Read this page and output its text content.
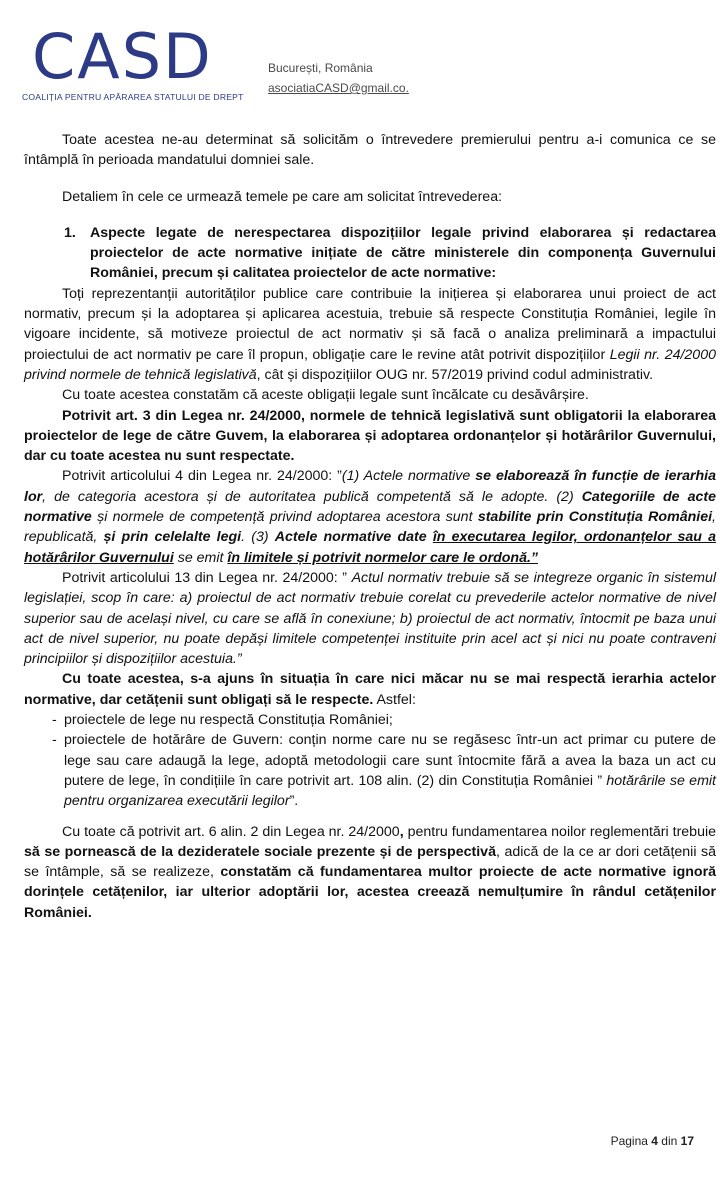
CASD
COALIȚIA PENTRU APĂRAREA STATULUI DE DREPT
București, România
asociatiaCASD@gmail.co.

Toate acestea ne-au determinat să solicităm o întrevedere premierului pentru a-i comunica ce se întâmplă în perioada mandatului domniei sale.

Detaliem în cele ce urmează temele pe care am solicitat întrevederea:

1. Aspecte legate de nerespectarea dispozițiilor legale privind elaborarea și redactarea proiectelor de acte normative inițiate de către ministerele din componența Guvernului României, precum și calitatea proiectelor de acte normative:

Toți reprezentanții autorităților publice care contribuie la inițierea și elaborarea unui proiect de act normativ, precum și la adoptarea și aplicarea acestuia, trebuie să respecte Constituția României, legile în vigoare incidente, să motiveze proiectul de act normativ și să facă o analiza preliminară a impactului proiectului de act normativ pe care îl propun, obligație care le revine atât potrivit dispozițiilor Legii nr. 24/2000 privind normele de tehnică legislativă, cât și dispozițiilor OUG nr. 57/2019 privind codul administrativ.

Cu toate acestea constatăm că aceste obligații legale sunt încălcate cu desăvârșire.

Potrivit art. 3 din Legea nr. 24/2000, normele de tehnică legislativă sunt obligatorii la elaborarea proiectelor de lege de către Guvem, la elaborarea și adoptarea ordonanțelor și hotărârilor Guvernului, dar cu toate acestea nu sunt respectate.

Potrivit articolului 4 din Legea nr. 24/2000: ”(1) Actele normative se elaborează în funcție de ierarhia lor, de categoria acestora și de autoritatea publică competentă să le adopte. (2) Categoriile de acte normative și normele de competență privind adoptarea acestora sunt stabilite prin Constituția României, republicată, și prin celelalte legi. (3) Actele normative date în executarea legilor, ordonanțelor sau a hotărârilor Guvernului se emit în limitele și potrivit normelor care le ordonă.”

Potrivit articolului 13 din Legea nr. 24/2000: ” Actul normativ trebuie să se integreze organic în sistemul legislației, scop în care: a) proiectul de act normativ trebuie corelat cu prevederile actelor normative de nivel superior sau de același nivel, cu care se află în conexiune; b) proiectul de act normativ, întocmit pe baza unui act de nivel superior, nu poate depăși limitele competenței instituite prin acel act și nici nu poate contraveni principiilor și dispozițiilor acestuia.”

Cu toate acestea, s-a ajuns în situația în care nici măcar nu se mai respectă ierarhia actelor normative, dar cetățenii sunt obligați să le respecte. Astfel:

- proiectele de lege nu respectă Constituția României;
- proiectele de hotărâre de Guvern: conțin norme care nu se regăsesc într-un act primar cu putere de lege sau care adaugă la lege, adoptă metodologii care sunt întocmite fără a avea la baza un act cu putere de lege, în condițiile în care potrivit art. 108 alin. (2) din Constituția României ” hotărârile se emit pentru organizarea executării legilor”.

Cu toate că potrivit art. 6 alin. 2 din Legea nr. 24/2000, pentru fundamentarea noilor reglementări trebuie să se pornească de la dezideratele sociale prezente și de perspectivă, adică de la ce ar dori cetățenii să se întâmple, să se realizeze, constatăm că fundamentarea multor proiecte de acte normative ignoră dorințele cetățenilor, iar ulterior adoptării lor, acestea creează nemulțumire în rândul cetățenilor României.

Pagina 4 din 17
